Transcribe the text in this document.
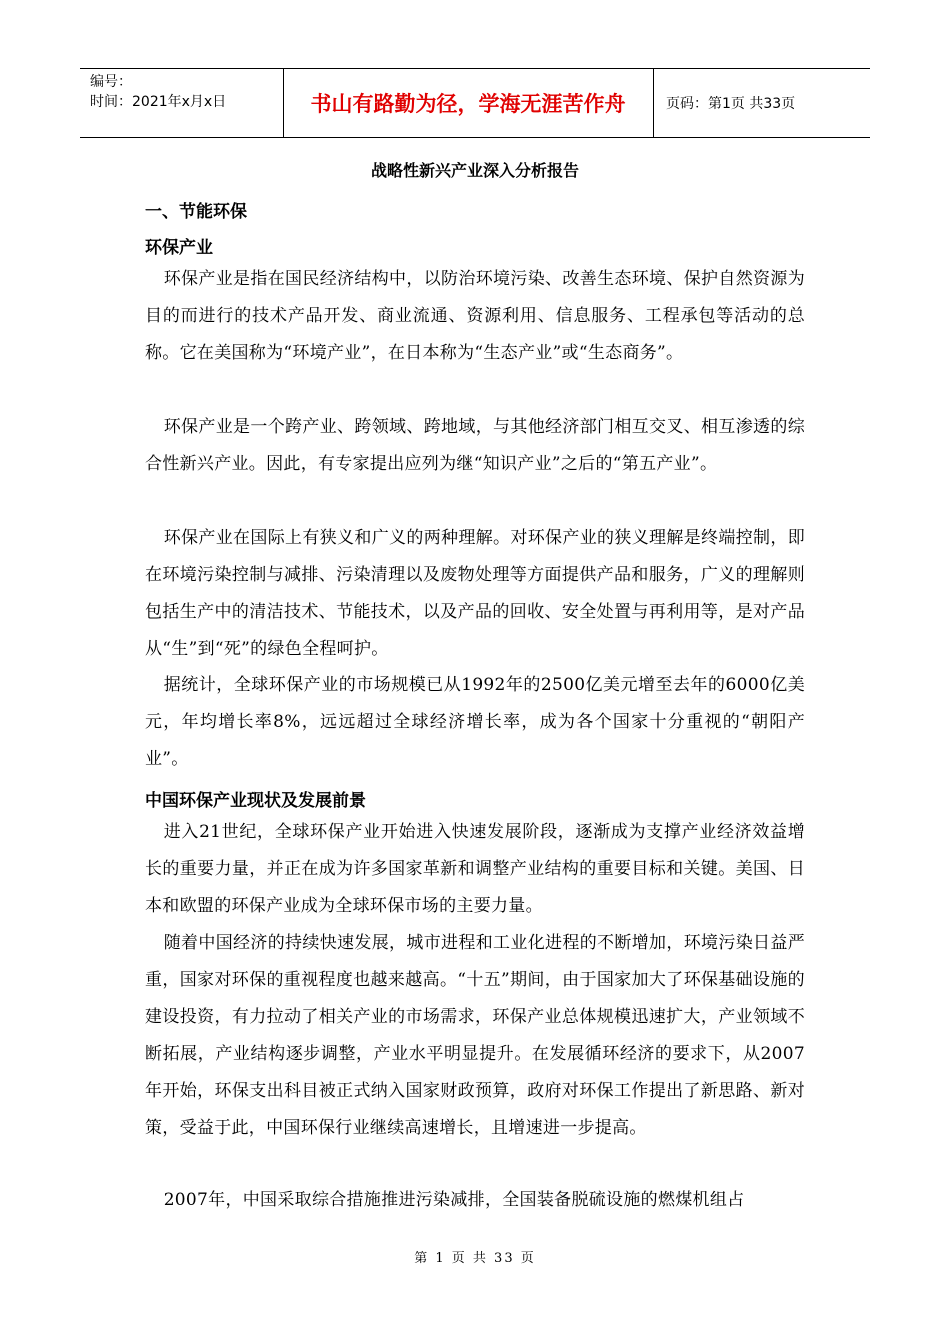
编号：
时间：2021年x月x日	书山有路勤为径，学海无涯苦作舟	页码：第1页 共33页
战略性新兴产业深入分析报告
一、节能环保
环保产业
环保产业是指在国民经济结构中，以防治环境污染、改善生态环境、保护自然资源为目的而进行的技术产品开发、商业流通、资源利用、信息服务、工程承包等活动的总称。它在美国称为“环境产业”，在日本称为“生态产业”或“生态商务”。
环保产业是一个跨产业、跨领域、跨地域，与其他经济部门相互交叉、相互渗透的综合性新兴产业。因此，有专家提出应列为继“知识产业”之后的“第五产业”。
环保产业在国际上有狭义和广义的两种理解。对环保产业的狭义理解是终端控制，即在环境污染控制与减排、污染清理以及废物处理等方面提供产品和服务，广义的理解则包括生产中的清洁技术、节能技术，以及产品的回收、安全处置与再利用等，是对产品从“生”到“死”的绿色全程呵护。
据统计，全球环保产业的市场规模已从1992年的2500亿美元增至去年的6000亿美元，年均增长率8%，远远超过全球经济增长率，成为各个国家十分重视的“朝阳产业”。
中国环保产业现状及发展前景
进入21世纪，全球环保产业开始进入快速发展阶段，逐渐成为支撑产业经济效益增长的重要力量，并正在成为许多国家革新和调整产业结构的重要目标和关键。美国、日本和欧盟的环保产业成为全球环保市场的主要力量。
随着中国经济的持续快速发展，城市进程和工业化进程的不断增加，环境污染日益严重，国家对环保的重视程度也越来越高。“十五”期间，由于国家加大了环保基础设施的建设投资，有力拉动了相关产业的市场需求，环保产业总体规模迅速扩大，产业领域不断拓展，产业结构逐步调整，产业水平明显提升。在发展循环经济的要求下，从2007年开始，环保支出科目被正式纳入国家财政预算，政府对环保工作提出了新思路、新对策，受益于此，中国环保行业继续高速增长，且增速进一步提高。
2007年，中国采取综合措施推进污染减排，全国装备脱硫设施的燃煤机组占
第 1 页 共 33 页
